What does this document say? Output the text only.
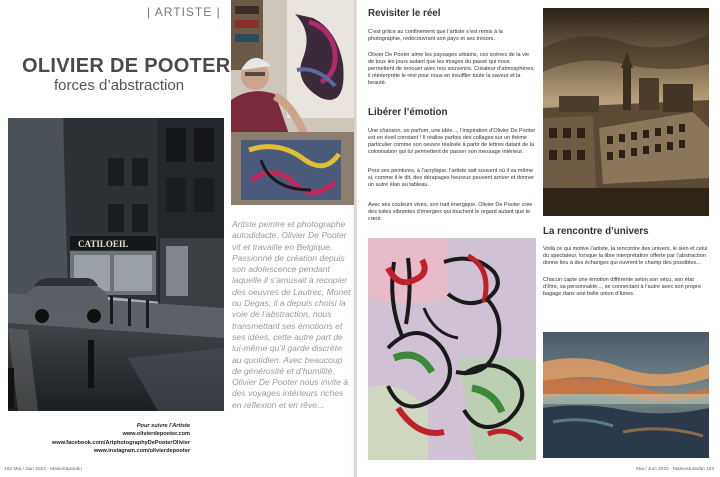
| ARTISTE |
OLIVIER DE POOTER
forces d’abstraction
CATILOEIL

Artiste peintre et photographe autodidacte, Olivier De Pooter vit et travaille en Belgique. Passionné de création depuis son adolescence pendant laquelle il s’amusait à recopier des oeuvres de Lautrec, Monet ou Degas, il a depuis choisi la voie de l’abstraction, nous transmettant ses émotions et ses idées, cette autre part de lui-même qu’il garde discrète au quotidien. Avec beaucoup de générosité et d’humilité, Olivier De Pooter nous invite à des voyages intérieurs riches en réflexion et en rêve...

Pour suivre l’Artiste
www.olivierdepooter.com
www.facebook.com/ArtphotographyDePooterOlivier
www.instagram.com/olivierdepooter
162 Mai / Juin 2022 - Maison&Jardin
Revisiter le réel

C’est grâce au confinement que l’artiste s’est remis à la photographie, redécouvrant son pays et ses trésors.

Olivier De Pooter aime les paysages urbains, ces scènes de la vie de tous les jours autant que les images du passé qui nous permettent de renouer avec nos souvenirs. Créateur d’atmosphères, il réinterprète le réel pour nous en insuffler toute la saveur et la beauté.

Libérer l’émotion

Une chanson, un parfum, une idée..., l’inspiration d’Olivier De Pooter est en éveil constant ! Il réalise parfois des collages sur un thème particulier comme son oeuvre réalisée à partir de lettres datant de la colonisation qui lui permettent de passer son message intérieur.

Pour ses peintures, à l’acrylique, l’artiste sait souvent où il va même si, comme il le dit, des dérapages heureux peuvent arriver et donner un autre élan au tableau.

Avec ses couleurs vives, son trait énergique, Olivier De Pooter crée des toiles vibrantes d’énergies qui touchent le regard autant que le cœur.

La rencontre d’univers

Voilà ce qui motive l’artiste, la rencontre des univers, le sien et celui du spectateur, lorsque la libre interprétation offerte par l’abstraction donne lieu à des échanges qui ouvrent le champ des possibles...

Chacun capte une émotion différente selon son vécu, son état d’être, sa personnalité..., se connectant à l’autre avec son propre bagage dans une belle union d’âmes.

Mai / Juin 2022 - Maison&Jardin 163
